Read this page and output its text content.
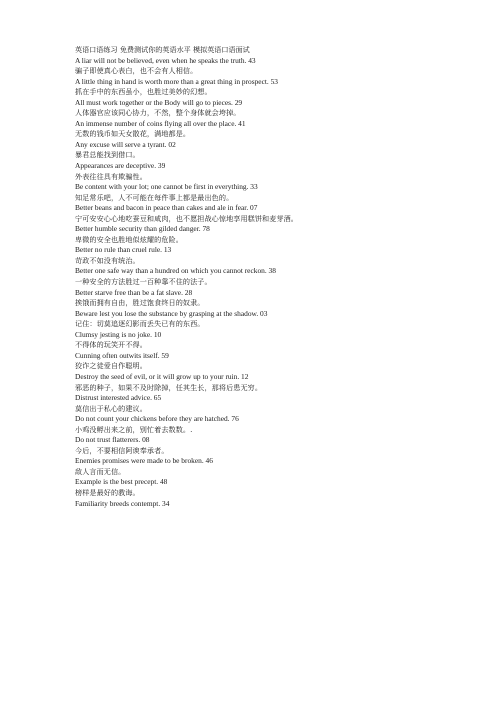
英语口语练习 免费测试你的英语水平 模拟英语口语面试
A liar will not be believed, even when he speaks the truth. 43
骗子即使真心表白，也不会有人相信。
A little thing in hand is worth more than a great thing in prospect. 53
抓在手中的东西虽小，也胜过美妙的幻想。
All must work together or the Body will go to pieces. 29
人体器官应该同心协力，不然，整个身体就会垮掉。
An immense number of coins flying all over the place. 41
无数的钱币如天女散花，满地都是。
Any excuse will serve a tyrant. 02
暴君总能找到借口。
Appearances are deceptive. 39
外表往往具有欺骗性。
Be content with your lot; one cannot be first in everything. 33
知足常乐吧，人不可能在每件事上都是最出色的。
Better beans and bacon in peace than cakes and ale in fear. 07
宁可安安心心地吃蚕豆和咸肉，也不愿担战心惊地享用糕饼和麦芽酒。
Better humble security than gilded danger. 78
卑微的安全也胜地似炫耀的危险。
Better no rule than cruel rule. 13
苛政不如没有统治。
Better one safe way than a hundred on which you cannot reckon. 38
一种安全的方法胜过一百种靠不住的法子。
Better starve free than be a fat slave. 28
挨饿而拥有自由，胜过饱食终日的奴隶。
Beware lest you lose the substance by grasping at the shadow. 03
记住：切莫追逐幻影而丢失已有的东西。
Clumsy jesting is no joke. 10
不得体的玩笑开不得。
Cunning often outwits itself. 59
狡诈之徒爱自作聪明。
Destroy the seed of evil, or it will grow up to your ruin. 12
邪恶的种子，如果不及时除掉，任其生长，那将后患无穷。
Distrust interested advice. 65
莫信出于私心的建议。
Do not count your chickens before they are hatched. 76
小鸡没孵出来之前，别忙着去数数。.
Do not trust flatterers. 08
今后，不要相信阿谀奉承者。
Enemies promises were made to be broken. 46
敌人言而无信。
Example is the best precept. 48
榜样是最好的教诲。
Familiarity breeds contempt. 34
